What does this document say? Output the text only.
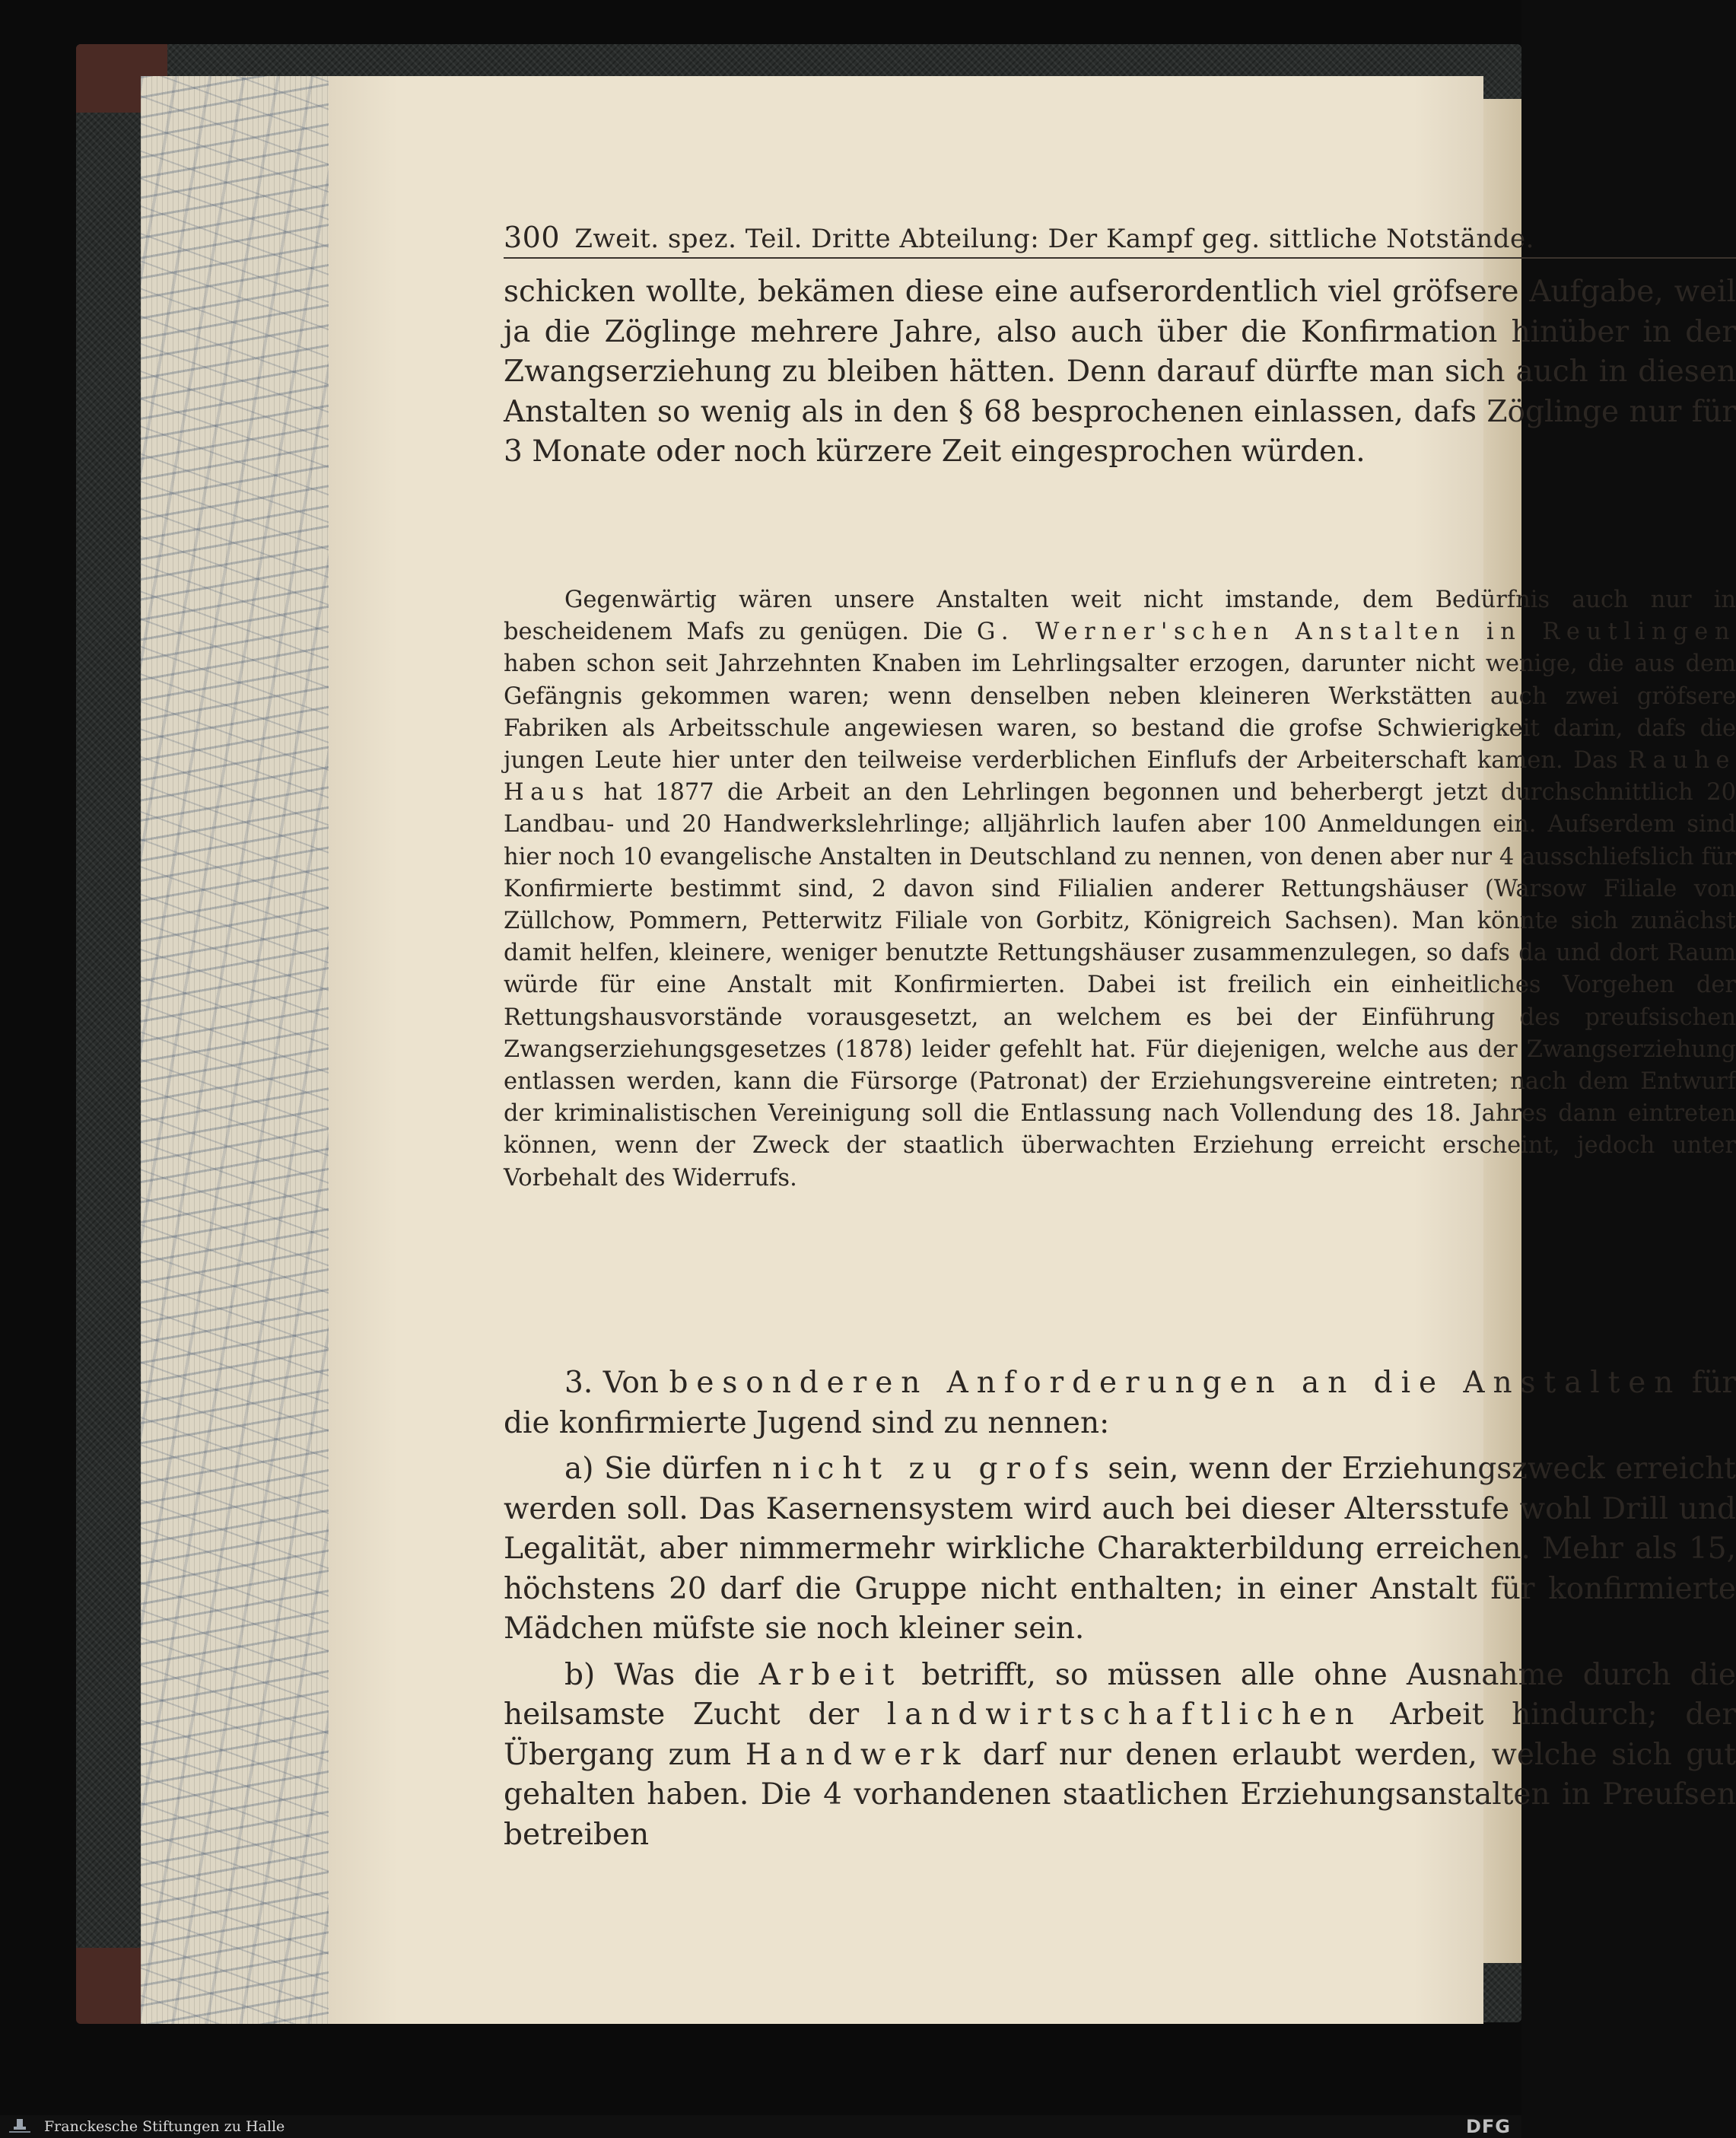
300 Zweit. spez. Teil. Dritte Abteilung: Der Kampf geg. sittliche Notstände.

schicken wollte, bekämen diese eine aufserordentlich viel gröfsere Aufgabe, weil ja die Zöglinge mehrere Jahre, also auch über die Konfirmation hinüber in der Zwangserziehung zu bleiben hätten. Denn darauf dürfte man sich auch in diesen Anstalten so wenig als in den § 68 besprochenen einlassen, dafs Zöglinge nur für 3 Monate oder noch kürzere Zeit eingesprochen würden.

Gegenwärtig wären unsere Anstalten weit nicht imstande, dem Bedürfnis auch nur in bescheidenem Mafs zu genügen. Die G. Werner'schen Anstalten in Reutlingen haben schon seit Jahrzehnten Knaben im Lehrlingsalter erzogen, darunter nicht wenige, die aus dem Gefängnis gekommen waren; wenn denselben neben kleineren Werkstätten auch zwei gröfsere Fabriken als Arbeitsschule angewiesen waren, so bestand die grofse Schwierigkeit darin, dafs die jungen Leute hier unter den teilweise verderblichen Einflufs der Arbeiterschaft kamen. Das Rauhe Haus hat 1877 die Arbeit an den Lehrlingen begonnen und beherbergt jetzt durchschnittlich 20 Landbau- und 20 Handwerkslehrlinge; alljährlich laufen aber 100 Anmeldungen ein. Aufserdem sind hier noch 10 evangelische Anstalten in Deutschland zu nennen, von denen aber nur 4 ausschliefslich für Konfirmierte bestimmt sind, 2 davon sind Filialien anderer Rettungshäuser (Warsow Filiale von Züllchow, Pommern, Petterwitz Filiale von Gorbitz, Königreich Sachsen). Man könnte sich zunächst damit helfen, kleinere, weniger benutzte Rettungshäuser zusammenzulegen, so dafs da und dort Raum würde für eine Anstalt mit Konfirmierten. Dabei ist freilich ein einheitliches Vorgehen der Rettungshausvorstände vorausgesetzt, an welchem es bei der Einführung des preufsischen Zwangserziehungsgesetzes (1878) leider gefehlt hat. Für diejenigen, welche aus der Zwangserziehung entlassen werden, kann die Fürsorge (Patronat) der Erziehungsvereine eintreten; nach dem Entwurf der kriminalistischen Vereinigung soll die Entlassung nach Vollendung des 18. Jahres dann eintreten können, wenn der Zweck der staatlich überwachten Erziehung erreicht erscheint, jedoch unter Vorbehalt des Widerrufs.

3. Von besonderen Anforderungen an die Anstalten für die konfirmierte Jugend sind zu nennen:

a) Sie dürfen nicht zu grofs sein, wenn der Erziehungszweck erreicht werden soll. Das Kasernensystem wird auch bei dieser Altersstufe wohl Drill und Legalität, aber nimmermehr wirkliche Charakterbildung erreichen. Mehr als 15, höchstens 20 darf die Gruppe nicht enthalten; in einer Anstalt für konfirmierte Mädchen müfste sie noch kleiner sein.

b) Was die Arbeit betrifft, so müssen alle ohne Ausnahme durch die heilsamste Zucht der landwirtschaftlichen Arbeit hindurch; der Übergang zum Handwerk darf nur denen erlaubt werden, welche sich gut gehalten haben. Die 4 vorhandenen staatlichen Erziehungsanstalten in Preufsen betreiben

Franckesche Stiftungen zu Halle	DFG
